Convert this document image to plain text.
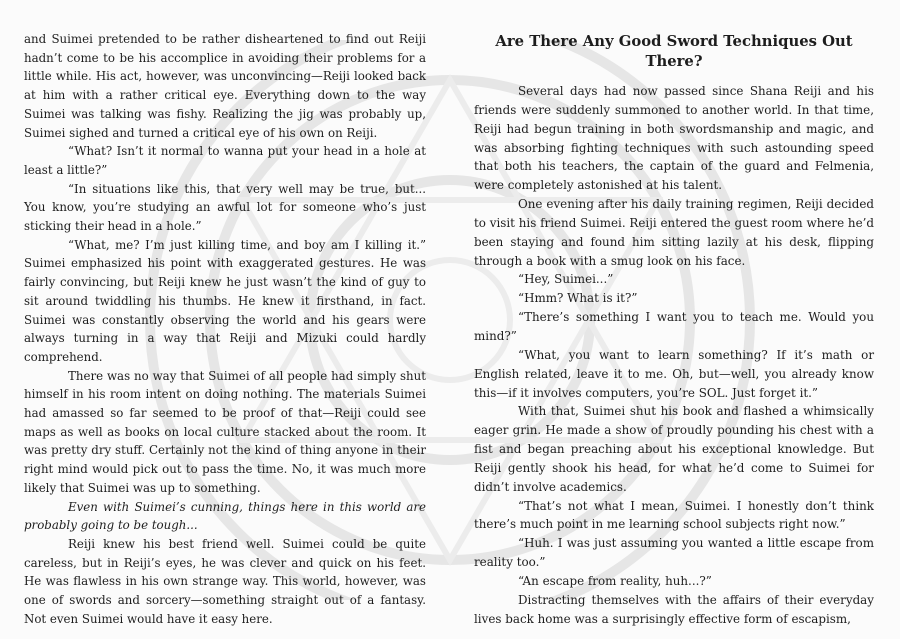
and Suimei pretended to be rather disheartened to find out Reiji hadn’t come to be his accomplice in avoiding their problems for a little while. His act, however, was unconvincing—Reiji looked back at him with a rather critical eye. Everything down to the way Suimei was talking was fishy. Realizing the jig was probably up, Suimei sighed and turned a critical eye of his own on Reiji.

“What? Isn’t it normal to wanna put your head in a hole at least a little?”

“In situations like this, that very well may be true, but... You know, you’re studying an awful lot for someone who’s just sticking their head in a hole.”

“What, me? I’m just killing time, and boy am I killing it.” Suimei emphasized his point with exaggerated gestures. He was fairly convincing, but Reiji knew he just wasn’t the kind of guy to sit around twiddling his thumbs. He knew it firsthand, in fact. Suimei was constantly observing the world and his gears were always turning in a way that Reiji and Mizuki could hardly comprehend.

There was no way that Suimei of all people had simply shut himself in his room intent on doing nothing. The materials Suimei had amassed so far seemed to be proof of that—Reiji could see maps as well as books on local culture stacked about the room. It was pretty dry stuff. Certainly not the kind of thing anyone in their right mind would pick out to pass the time. No, it was much more likely that Suimei was up to something.

Even with Suimei’s cunning, things here in this world are probably going to be tough...

Reiji knew his best friend well. Suimei could be quite careless, but in Reiji’s eyes, he was clever and quick on his feet. He was flawless in his own strange way. This world, however, was one of swords and sorcery—something straight out of a fantasy. Not even Suimei would have it easy here.

Are There Any Good Sword Techniques Out There?

Several days had now passed since Shana Reiji and his friends were suddenly summoned to another world. In that time, Reiji had begun training in both swordsmanship and magic, and was absorbing fighting techniques with such astounding speed that both his teachers, the captain of the guard and Felmenia, were completely astonished at his talent.

One evening after his daily training regimen, Reiji decided to visit his friend Suimei. Reiji entered the guest room where he’d been staying and found him sitting lazily at his desk, flipping through a book with a smug look on his face.

“Hey, Suimei...”

“Hmm? What is it?”

“There’s something I want you to teach me. Would you mind?”

“What, you want to learn something? If it’s math or English related, leave it to me. Oh, but—well, you already know this—if it involves computers, you’re SOL. Just forget it.”

With that, Suimei shut his book and flashed a whimsically eager grin. He made a show of proudly pounding his chest with a fist and began preaching about his exceptional knowledge. But Reiji gently shook his head, for what he’d come to Suimei for didn’t involve academics.

“That’s not what I mean, Suimei. I honestly don’t think there’s much point in me learning school subjects right now.”

“Huh. I was just assuming you wanted a little escape from reality too.”

“An escape from reality, huh...?”

Distracting themselves with the affairs of their everyday lives back home was a surprisingly effective form of escapism,
